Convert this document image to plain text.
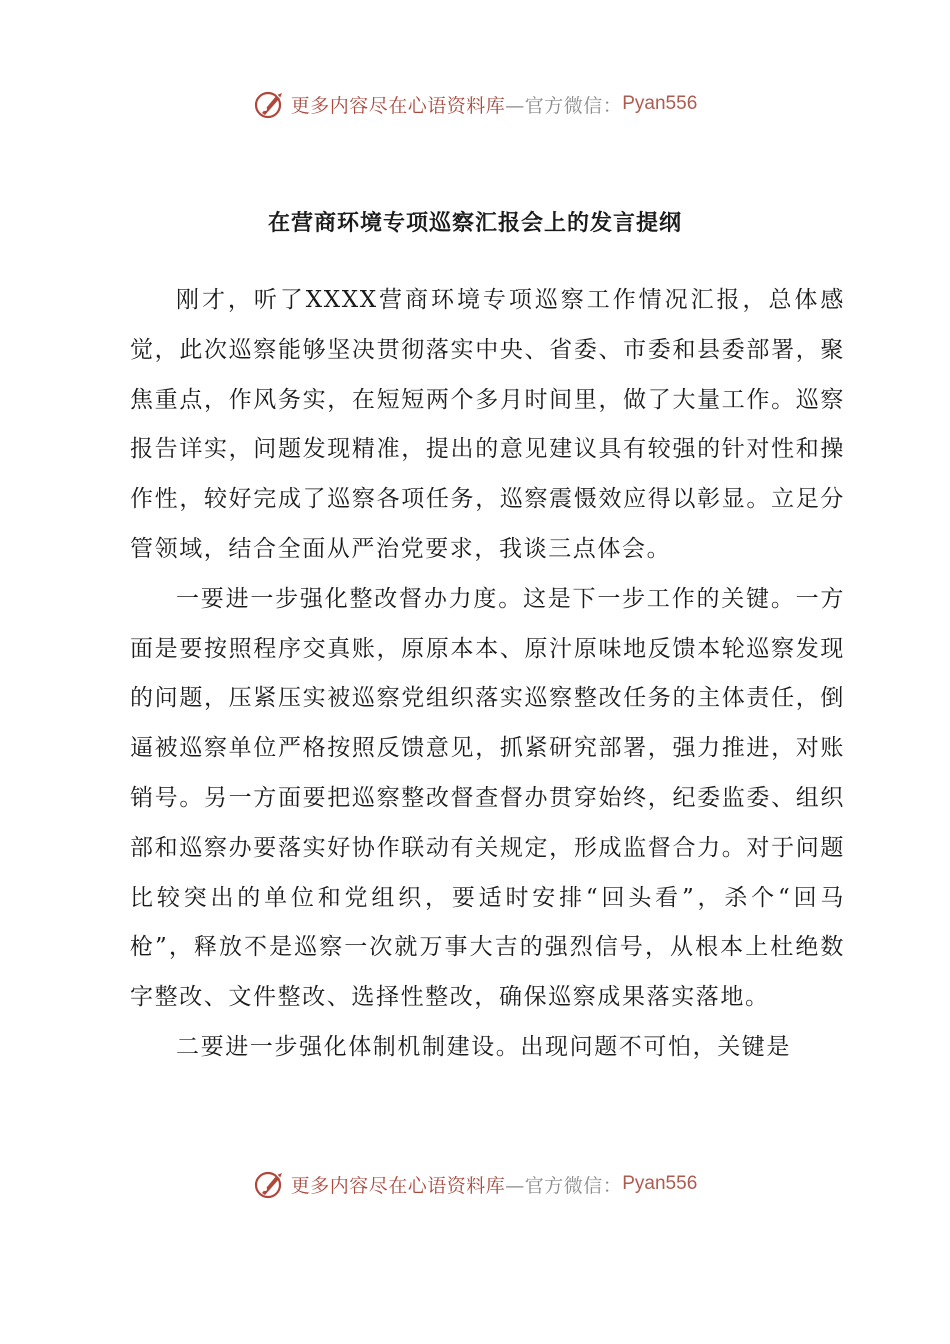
更多内容尽在心语资料库 —官方微信： Pyan556
在营商环境专项巡察汇报会上的发言提纲

刚才，听了XXXX营商环境专项巡察工作情况汇报，总体感觉，此次巡察能够坚决贯彻落实中央、省委、市委和县委部署，聚焦重点，作风务实，在短短两个多月时间里，做了大量工作。巡察报告详实，问题发现精准，提出的意见建议具有较强的针对性和操作性，较好完成了巡察各项任务，巡察震慑效应得以彰显。立足分管领域，结合全面从严治党要求，我谈三点体会。

一要进一步强化整改督办力度。这是下一步工作的关键。一方面是要按照程序交真账，原原本本、原汁原味地反馈本轮巡察发现的问题，压紧压实被巡察党组织落实巡察整改任务的主体责任，倒逼被巡察单位严格按照反馈意见，抓紧研究部署，强力推进，对账销号。另一方面要把巡察整改督查督办贯穿始终，纪委监委、组织部和巡察办要落实好协作联动有关规定，形成监督合力。对于问题比较突出的单位和党组织，要适时安排“回头看”，杀个“回马枪”，释放不是巡察一次就万事大吉的强烈信号，从根本上杜绝数字整改、文件整改、选择性整改，确保巡察成果落实落地。

二要进一步强化体制机制建设。出现问题不可怕，关键是

更多内容尽在心语资料库 —官方微信： Pyan556
